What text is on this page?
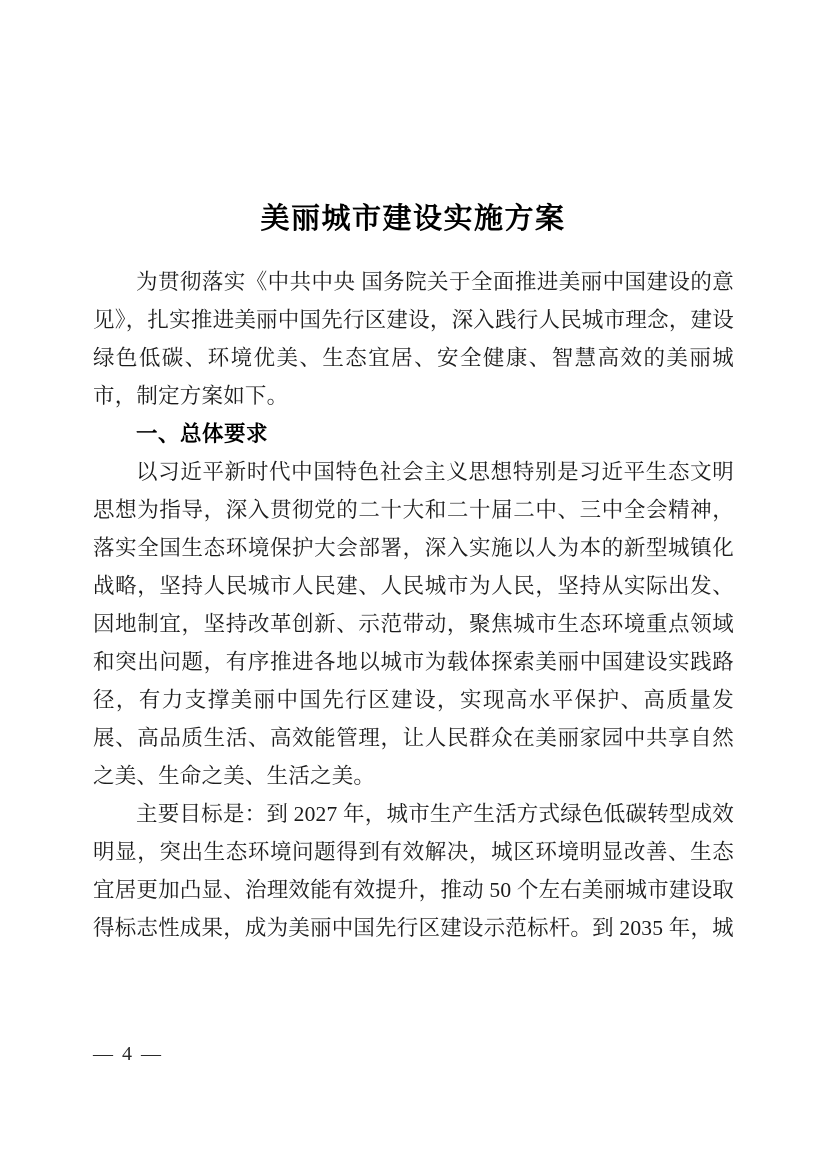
美丽城市建设实施方案

为贯彻落实《中共中央 国务院关于全面推进美丽中国建设的意见》，扎实推进美丽中国先行区建设，深入践行人民城市理念，建设绿色低碳、环境优美、生态宜居、安全健康、智慧高效的美丽城市，制定方案如下。

一、总体要求

以习近平新时代中国特色社会主义思想特别是习近平生态文明思想为指导，深入贯彻党的二十大和二十届二中、三中全会精神，落实全国生态环境保护大会部署，深入实施以人为本的新型城镇化战略，坚持人民城市人民建、人民城市为人民，坚持从实际出发、因地制宜，坚持改革创新、示范带动，聚焦城市生态环境重点领域和突出问题，有序推进各地以城市为载体探索美丽中国建设实践路径，有力支撑美丽中国先行区建设，实现高水平保护、高质量发展、高品质生活、高效能管理，让人民群众在美丽家园中共享自然之美、生命之美、生活之美。

主要目标是：到 2027 年，城市生产生活方式绿色低碳转型成效明显，突出生态环境问题得到有效解决，城区环境明显改善、生态宜居更加凸显、治理效能有效提升，推动 50 个左右美丽城市建设取得标志性成果，成为美丽中国先行区建设示范标杆。到 2035 年，城

— 4 —
